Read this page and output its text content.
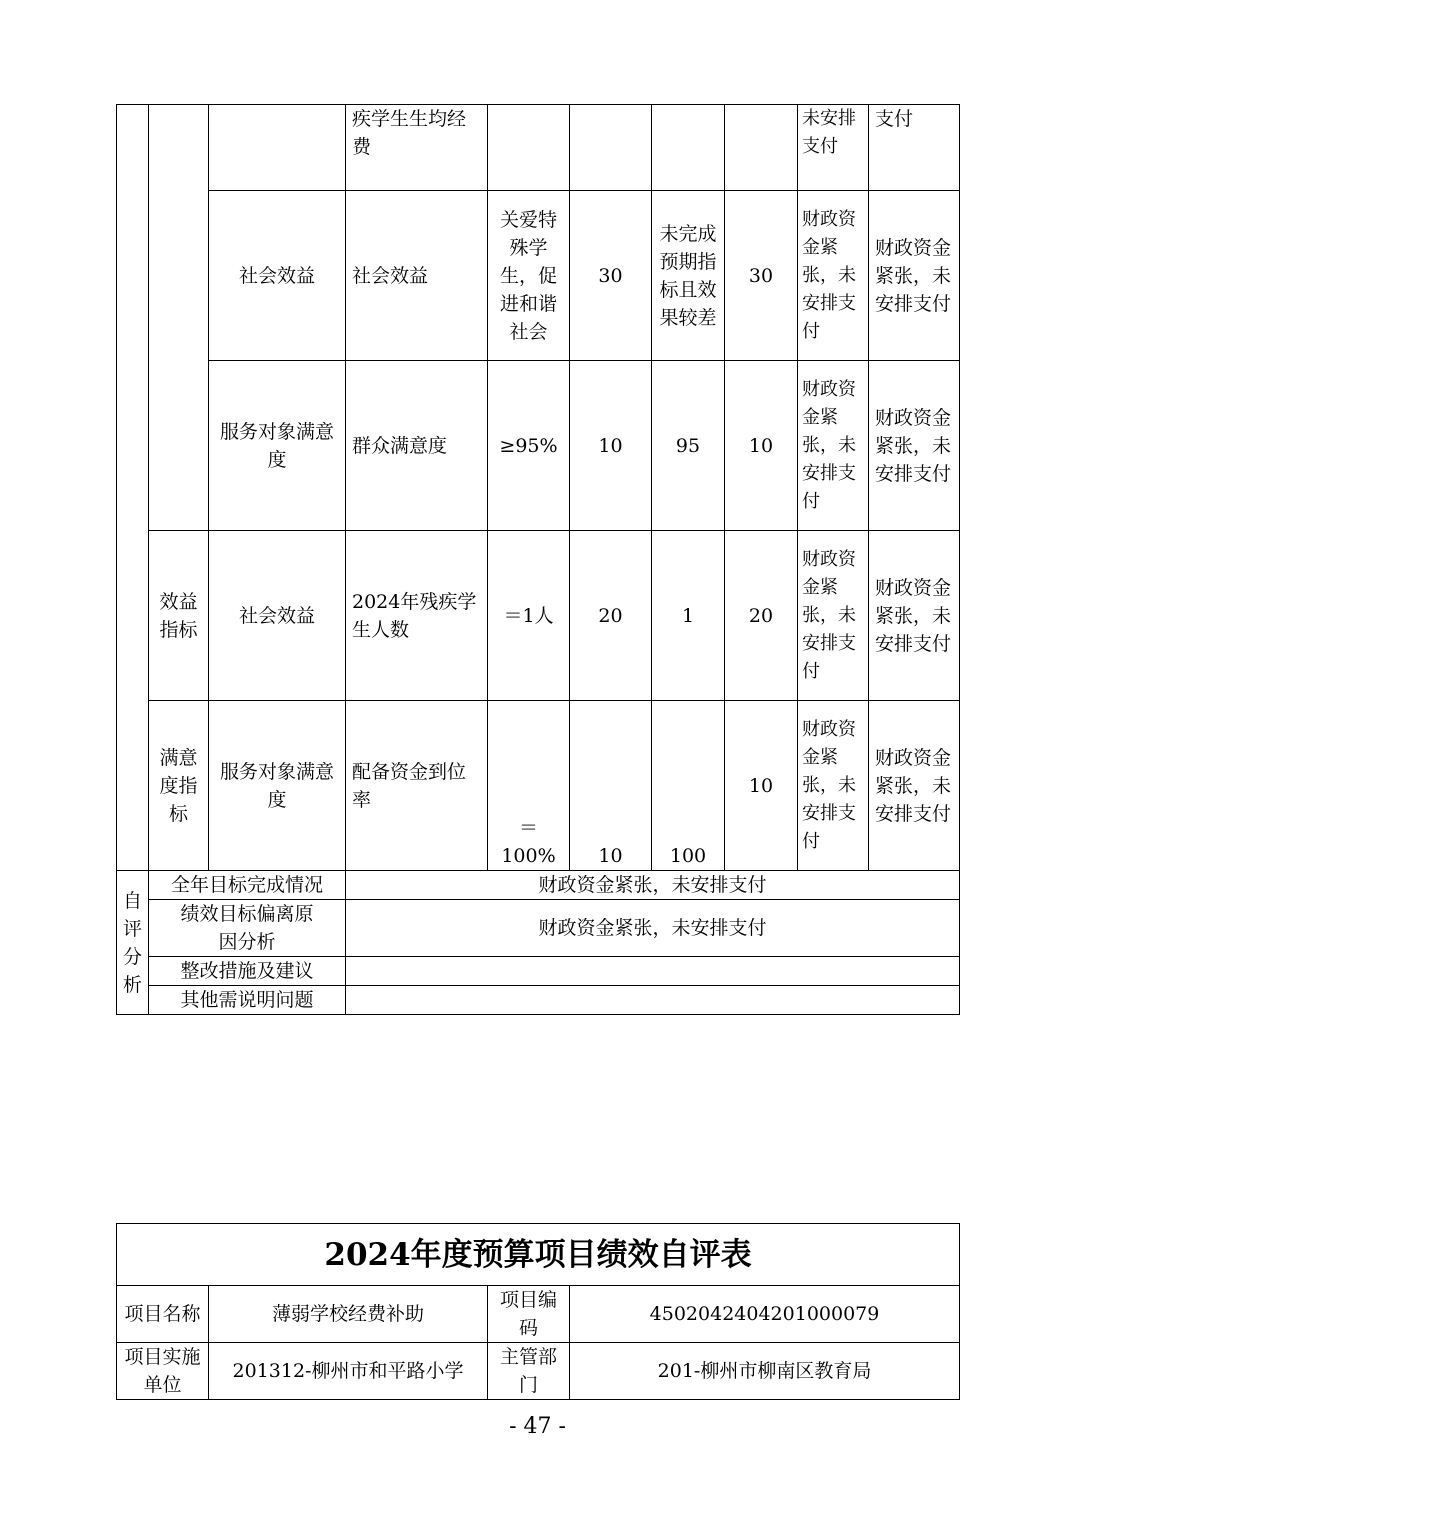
			疾学生生均经费					未安排支付	支付
		社会效益	社会效益	关爱特殊学生，促进和谐社会	30	未完成预期指标且效果较差	30	财政资金紧张，未安排支付	财政资金紧张，未安排支付
		服务对象满意度	群众满意度	≥95%	10	95	10	财政资金紧张，未安排支付	财政资金紧张，未安排支付
	效益指标	社会效益	2024年残疾学生人数	＝1人	20	1	20	财政资金紧张，未安排支付	财政资金紧张，未安排支付
	满意度指标	服务对象满意度	配备资金到位率	＝100%	10	100	10	财政资金紧张，未安排支付	财政资金紧张，未安排支付
自评分析	全年目标完成情况		财政资金紧张，未安排支付						
	绩效目标偏离原因分析		财政资金紧张，未安排支付						
	整改措施及建议								
	其他需说明问题								
2024年度预算项目绩效自评表			
项目名称	薄弱学校经费补助	项目编码	4502042404201000079
项目实施单位	201312-柳州市和平路小学	主管部门	201-柳州市柳南区教育局
- 47 -
